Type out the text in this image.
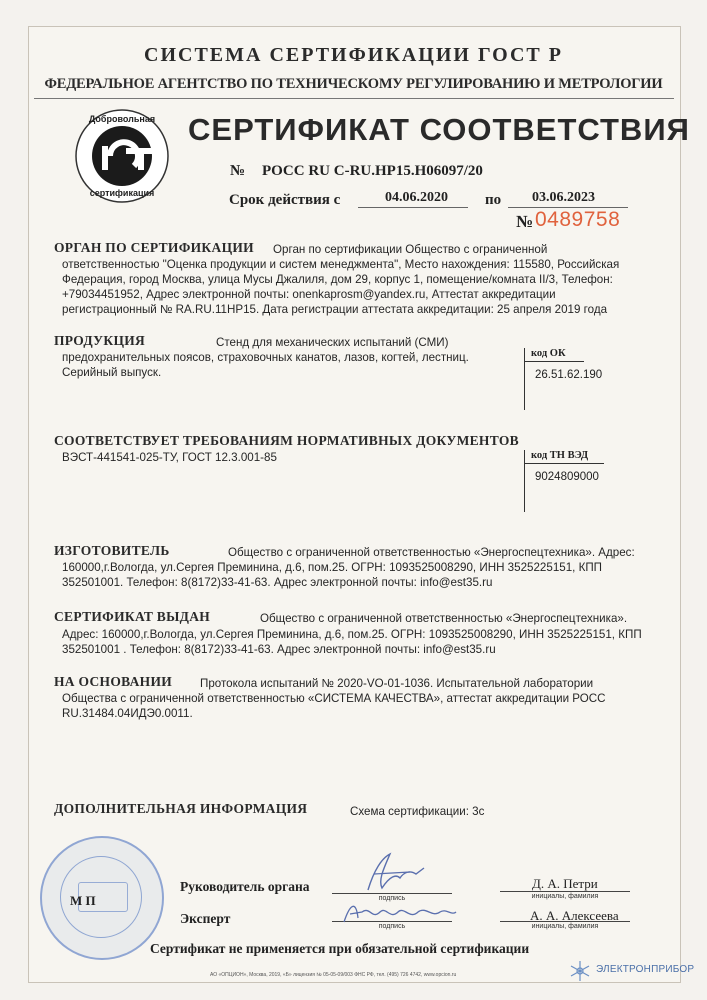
СИСТЕМА СЕРТИФИКАЦИИ ГОСТ Р
ФЕДЕРАЛЬНОЕ АГЕНТСТВО ПО ТЕХНИЧЕСКОМУ РЕГУЛИРОВАНИЮ И МЕТРОЛОГИИ
Добровольная
сертификация
СЕРТИФИКАТ СООТВЕТСТВИЯ
№ РОСС RU C-RU.HP15.H06097/20
Срок действия с	04.06.2020 по 03.06.2023
№ 0489758
ОРГАН ПО СЕРТИФИКАЦИИ Орган по сертификации Общество с ограниченной
ответственностью "Оценка продукции и систем менеджмента", Место нахождения: 115580, Российская
Федерация, город Москва, улица Мусы Джалиля, дом 29, корпус 1, помещение/комната II/3, Телефон:
+79034451952, Адрес электронной почты: onenkaprosm@yandex.ru, Аттестат аккредитации
регистрационный № RA.RU.11HP15. Дата регистрации аттестата аккредитации: 25 апреля 2019 года
ПРОДУКЦИЯ	Стенд для механических испытаний (СМИ)
предохранительных поясов, страховочных канатов, лазов, когтей, лестниц.
Серийный выпуск.
код ОК
26.51.62.190
СООТВЕТСТВУЕТ ТРЕБОВАНИЯМ НОРМАТИВНЫХ ДОКУМЕНТОВ
ВЭСТ-441541-025-ТУ, ГОСТ 12.3.001-85	код ТН ВЭД
9024809000
ИЗГОТОВИТЕЛЬ	Общество с ограниченной ответственностью «Энергоспецтехника». Адрес:
160000,г.Вологда, ул.Сергея Преминина, д.6, пом.25. ОГРН: 1093525008290, ИНН 3525225151, КПП
352501001. Телефон: 8(8172)33-41-63. Адрес электронной почты: info@est35.ru
СЕРТИФИКАТ ВЫДАН	Общество с ограниченной ответственностью «Энергоспецтехника».
Адрес: 160000,г.Вологда, ул.Сергея Преминина, д.6, пом.25. ОГРН: 1093525008290, ИНН 3525225151, КПП
352501001 . Телефон: 8(8172)33-41-63. Адрес электронной почты: info@est35.ru
НА ОСНОВАНИИ Протокола испытаний № 2020-VO-01-1036. Испытательной лаборатории
Общества с ограниченной ответственностью «СИСТЕМА КАЧЕСТВА», аттестат аккредитации РОСС
RU.31484.04ИДЭ0.0011.
ДОПОЛНИТЕЛЬНАЯ ИНФОРМАЦИЯ	Схема сертификации: 3с
М П
Руководитель органа
подпись
Д. А. Петри
инициалы, фамилия
Эксперт
подпись
А. А. Алексеева
инициалы, фамилия
Сертификат не применяется при обязательной сертификации
АО «ОПЦИОН», Москва, 2019, «Б» лицензия № 05-05-09/003 ФНС РФ, тел. (495) 726 4742, www.opcion.ru	ЭЛЕКТРОНПРИБОР
